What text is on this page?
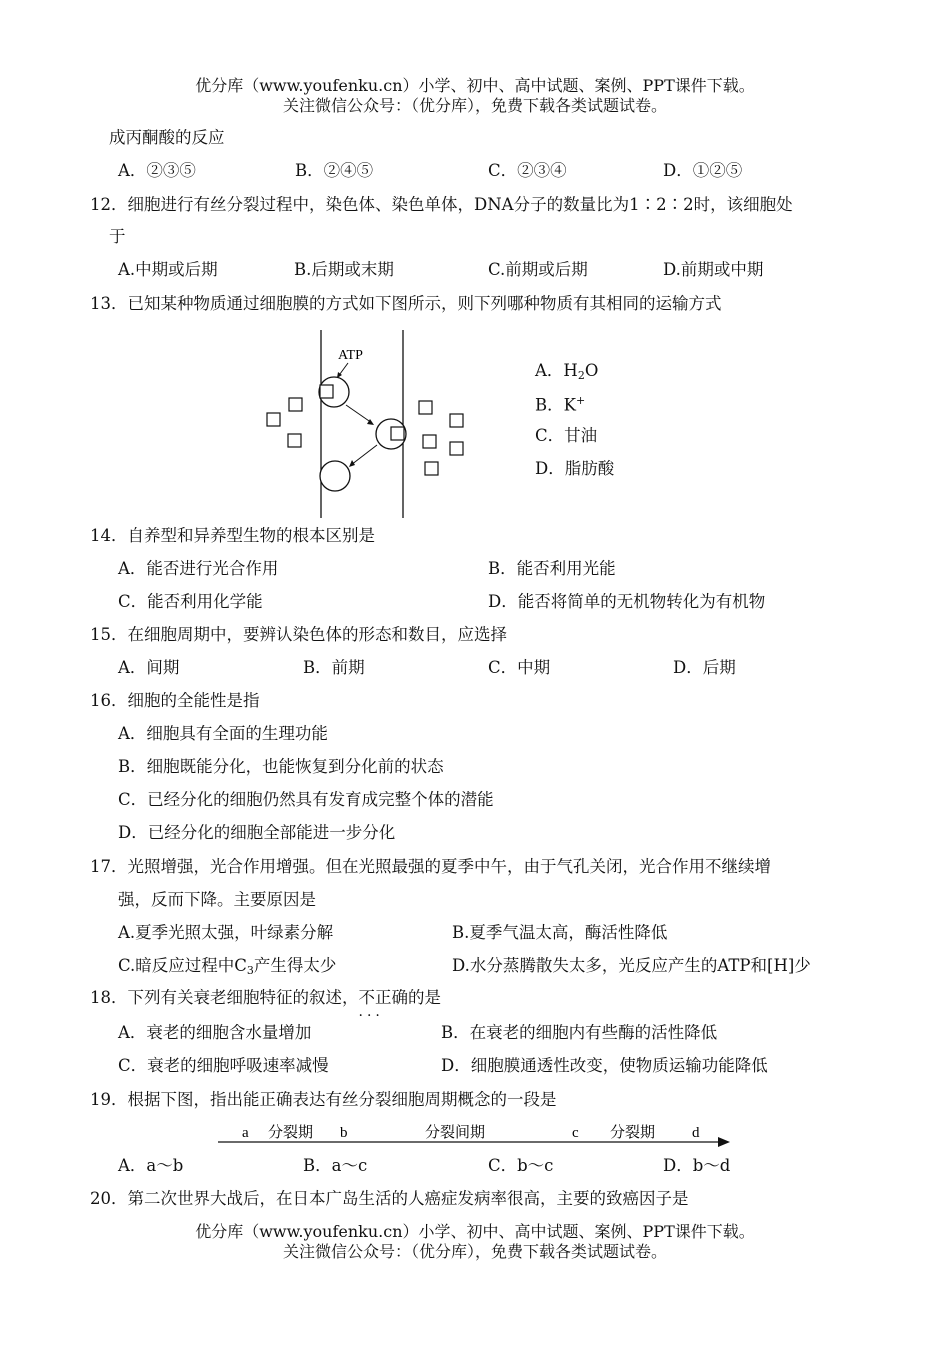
优分库（www.youfenku.cn）小学、初中、高中试题、案例、PPT课件下载。
关注微信公众号：（优分库），免费下载各类试题试卷。
成丙酮酸的反应
A．②③⑤	B．②④⑤	C．②③④	D．①②⑤
12．细胞进行有丝分裂过程中，染色体、染色单体，DNA分子的数量比为1∶2∶2时，该细胞处
于
A.中期或后期	B.后期或末期	C.前期或后期	D.前期或中期
13．已知某种物质通过细胞膜的方式如下图所示，则下列哪种物质有其相同的运输方式
ATP
A．$H_2O$
B．K+
C．甘油
D．脂肪酸
14．自养型和异养型生物的根本区别是
A．能否进行光合作用	B．能否利用光能
C．能否利用化学能	D．能否将简单的无机物转化为有机物
15．在细胞周期中，要辨认染色体的形态和数目，应选择
A．间期	B．前期	C．中期	D．后期
16．细胞的全能性是指
A．细胞具有全面的生理功能
B．细胞既能分化，也能恢复到分化前的状态
C．已经分化的细胞仍然具有发育成完整个体的潜能
D．已经分化的细胞全部能进一步分化
17．光照增强，光合作用增强。但在光照最强的夏季中午，由于气孔关闭，光合作用不继续增
强，反而下降。主要原因是
A.夏季光照太强，叶绿素分解	B.夏季气温太高，酶活性降低
C.暗反应过程中$C_3$产生得太少	D.水分蒸腾散失太多，光反应产生的ATP和[H]少
18．下列有关衰老细胞特征的叙述，不正确
···
的是
A．衰老的细胞含水量增加	B．在衰老的细胞内有些酶的活性降低
C．衰老的细胞呼吸速率减慢	D．细胞膜通透性改变，使物质运输功能降低
19．根据下图，指出能正确表达有丝分裂细胞周期概念的一段是
a 分裂期 b	分裂间期	c 分裂期 d
A．a～b	B．a～c	C．b～c	D．b～d
20．第二次世界大战后，在日本广岛生活的人癌症发病率很高，主要的致癌因子是
优分库（www.youfenku.cn）小学、初中、高中试题、案例、PPT课件下载。
关注微信公众号：（优分库），免费下载各类试题试卷。
